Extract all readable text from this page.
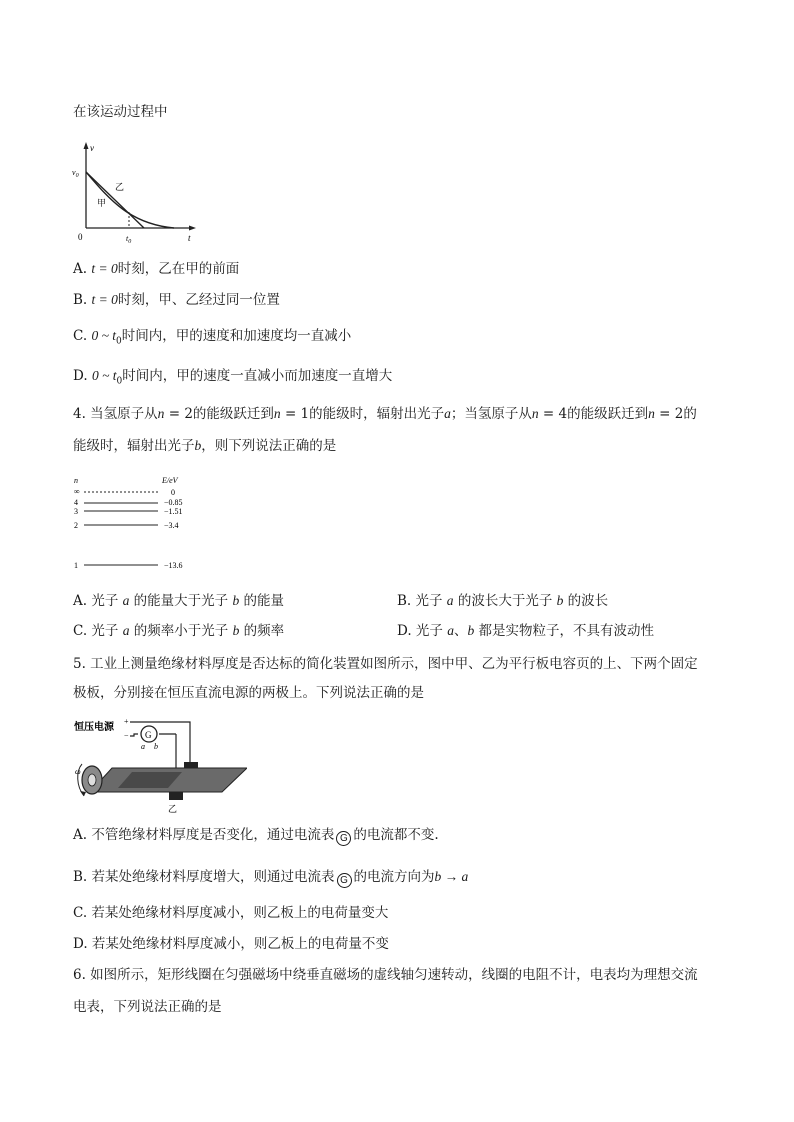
在该运动过程中
v
t
0
$v_0$
$t_0$
乙
甲
A. t = 0时刻，乙在甲的前面
B. t = 0时刻，甲、乙经过同一位置
C. 0 ~ $t_0$时间内，甲的速度和加速度均一直减小
D. 0 ~ $t_0$时间内，甲的速度一直减小而加速度一直增大
4. 当氢原子从n = 2的能级跃迁到n = 1的能级时，辐射出光子a；当氢原子从n = 4的能级跃迁到n = 2的
能级时，辐射出光子b，则下列说法正确的是
n	E/eV
∞	0
4	−0.85
3	−1.51
2	−3.4
1	−13.6
A. 光子 a 的能量大于光子 b 的能量	B. 光子 a 的波长大于光子 b 的波长
C. 光子 a 的频率小于光子 b 的频率	D. 光子 a、b 都是实物粒子，不具有波动性
5. 工业上测量绝缘材料厚度是否达标的简化装置如图所示，图中甲、乙为平行板电容页的上、下两个固定
极板，分别接在恒压直流电源的两极上。下列说法正确的是
恒压电源
+
− G
a b
ω
乙
A. 不管绝缘材料厚度是否变化，通过电流表 G 的电流都不变.
B. 若某处绝缘材料厚度增大，则通过电流表 G 的电流方向为b → a
C. 若某处绝缘材料厚度减小，则乙板上的电荷量变大
D. 若某处绝缘材料厚度减小，则乙板上的电荷量不变
6. 如图所示，矩形线圈在匀强磁场中绕垂直磁场的虚线轴匀速转动，线圈的电阻不计，电表均为理想交流
电表，下列说法正确的是
